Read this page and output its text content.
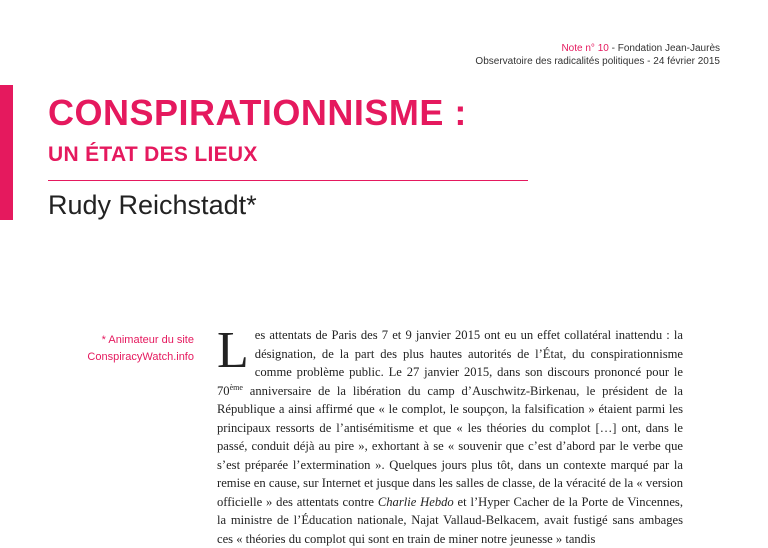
Note n° 10 - Fondation Jean-Jaurès
Observatoire des radicalités politiques - 24 février 2015
CONSPIRATIONNISME :
UN ÉTAT DES LIEUX
Rudy Reichstadt*
* Animateur du site
ConspiracyWatch.info Les attentats de Paris des 7 et 9 janvier 2015 ont eu un effet collatéral inattendu : la désignation, de la part des plus hautes autorités de l’État, du conspirationnisme comme problème public. Le 27 janvier 2015, dans son discours prononcé pour le 70ème anniversaire de la libération du camp d’Auschwitz-Birkenau, le président de la République a ainsi affirmé que « le complot, le soupçon, la falsification » étaient parmi les principaux ressorts de l’antisémitisme et que « les théories du complot […] ont, dans le passé, conduit déjà au pire », exhortant à se « souvenir que c’est d’abord par le verbe que s’est préparée l’extermination ». Quelques jours plus tôt, dans un contexte marqué par la remise en cause, sur Internet et jusque dans les salles de classe, de la véracité de la « version officielle » des attentats contre Charlie Hebdo et l’Hyper Cacher de la Porte de Vincennes, la ministre de l’Éducation nationale, Najat Vallaud-Belkacem, avait fustigé sans ambages ces « théories du complot qui sont en train de miner notre jeunesse » tandis
